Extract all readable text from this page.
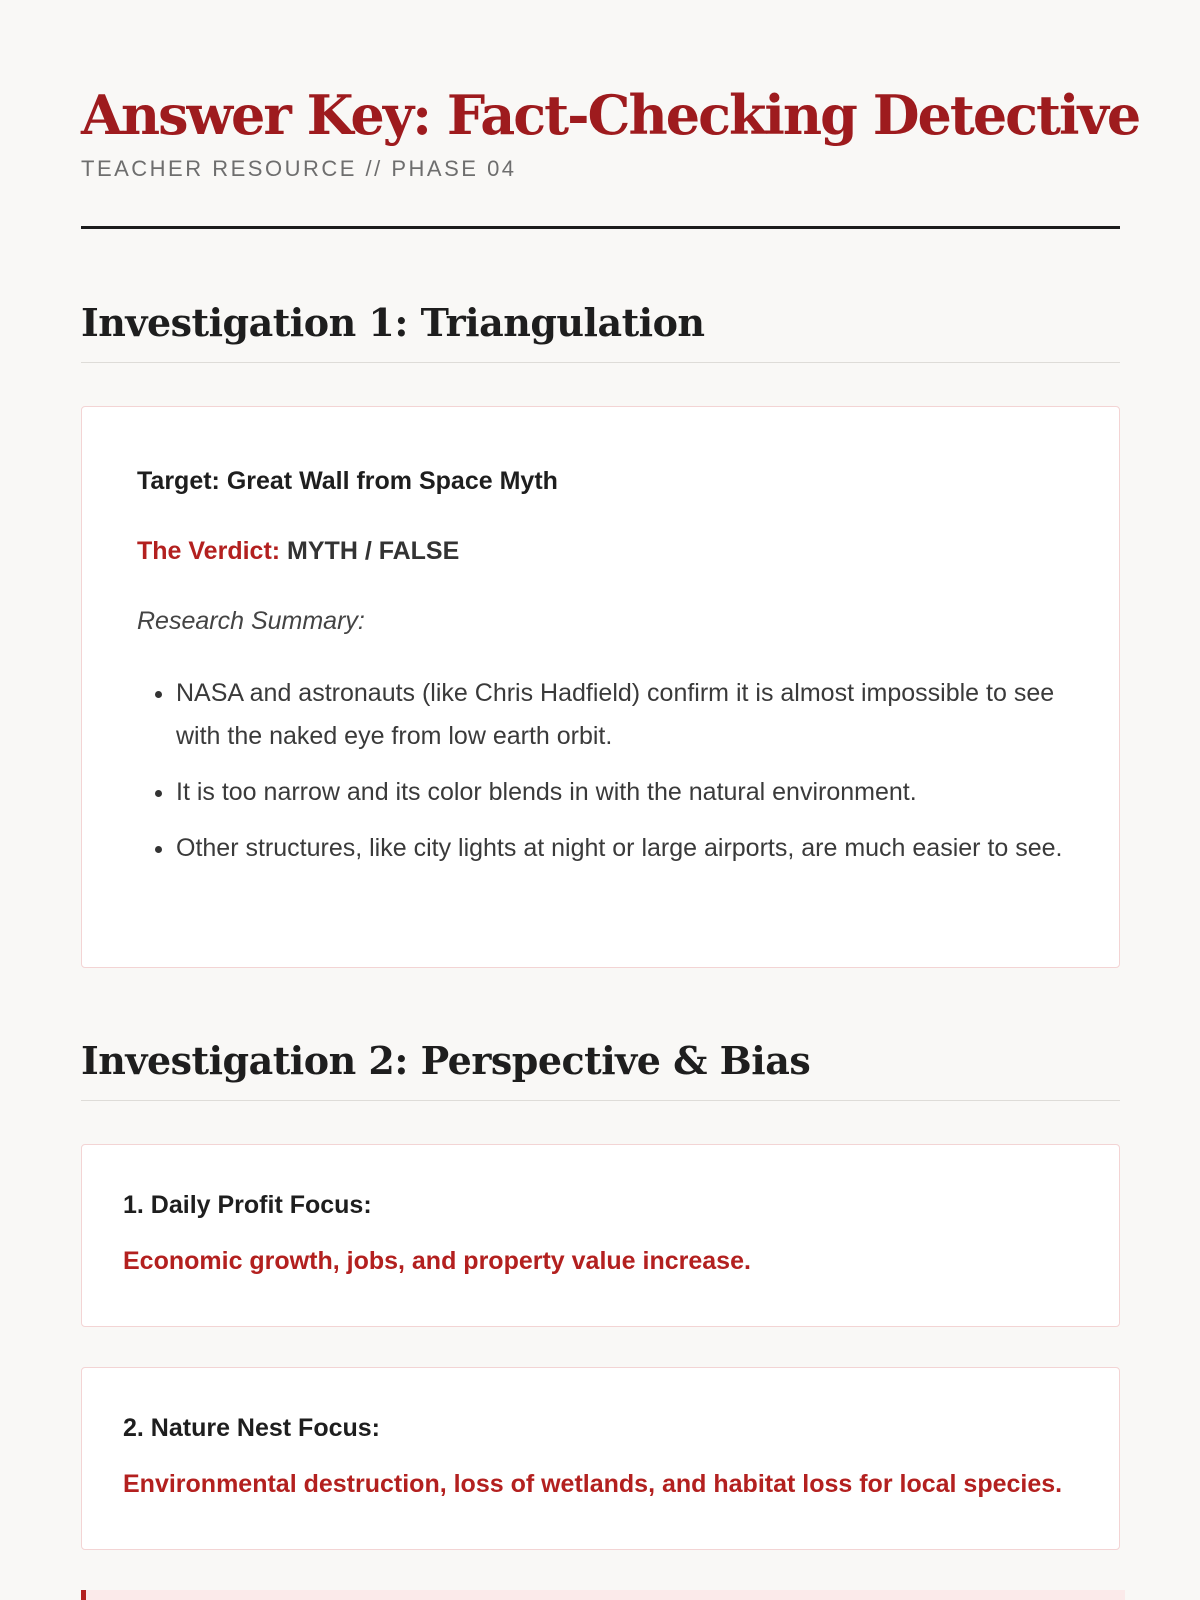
Answer Key: Fact-Checking Detective
TEACHER RESOURCE // PHASE 04
Investigation 1: Triangulation
Target: Great Wall from Space Myth
The Verdict: MYTH / FALSE
Research Summary:
• NASA and astronauts (like Chris Hadfield) confirm it is almost impossible to see with the naked eye from low earth orbit.
• It is too narrow and its color blends in with the natural environment.
• Other structures, like city lights at night or large airports, are much easier to see.
Investigation 2: Perspective & Bias
1. Daily Profit Focus:
Economic growth, jobs, and property value increase.
2. Nature Nest Focus:
Environmental destruction, loss of wetlands, and habitat loss for local species.
